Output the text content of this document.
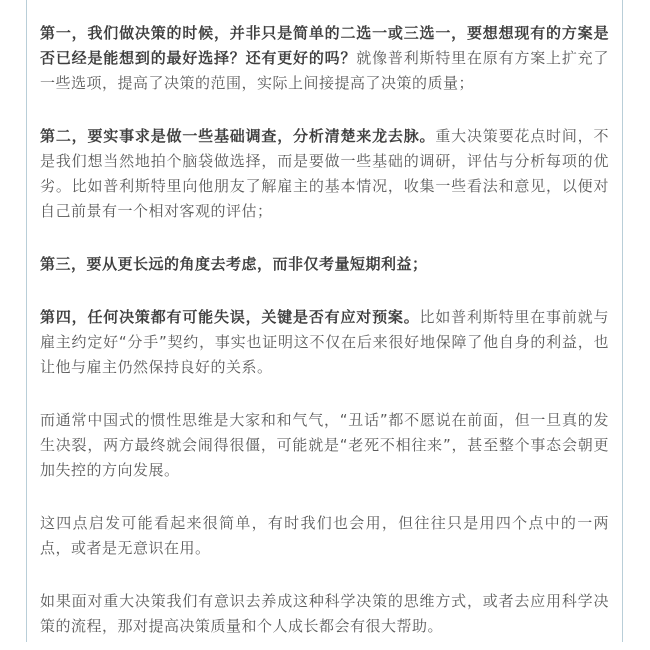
第一，我们做决策的时候，并非只是简单的二选一或三选一，要想想现有的方案是否已经是能想到的最好选择？还有更好的吗？就像普利斯特里在原有方案上扩充了一些选项，提高了决策的范围，实际上间接提高了决策的质量；

第二，要实事求是做一些基础调查，分析清楚来龙去脉。重大决策要花点时间，不是我们想当然地拍个脑袋做选择，而是要做一些基础的调研，评估与分析每项的优劣。比如普利斯特里向他朋友了解雇主的基本情况，收集一些看法和意见，以便对自己前景有一个相对客观的评估；

第三，要从更长远的角度去考虑，而非仅考量短期利益；

第四，任何决策都有可能失误，关键是否有应对预案。比如普利斯特里在事前就与雇主约定好“分手”契约，事实也证明这不仅在后来很好地保障了他自身的利益，也让他与雇主仍然保持良好的关系。

而通常中国式的惯性思维是大家和和气气，“丑话”都不愿说在前面，但一旦真的发生决裂，两方最终就会闹得很僵，可能就是“老死不相往来”，甚至整个事态会朝更加失控的方向发展。

这四点启发可能看起来很简单，有时我们也会用，但往往只是用四个点中的一两点，或者是无意识在用。

如果面对重大决策我们有意识去养成这种科学决策的思维方式，或者去应用科学决策的流程，那对提高决策质量和个人成长都会有很大帮助。
